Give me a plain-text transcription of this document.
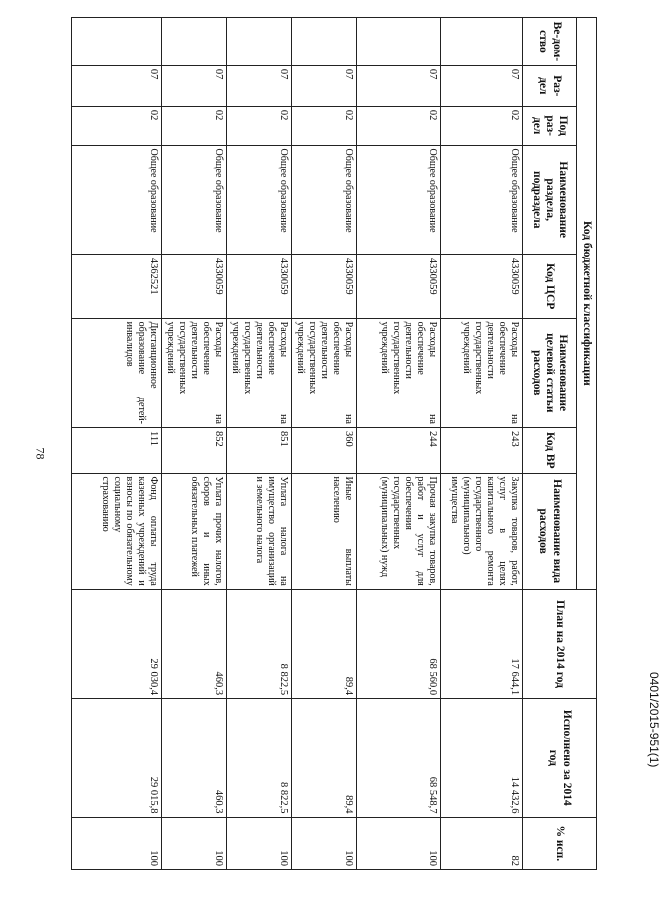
78
0401/2015-951(1)
Код бюджетной классификации								План на 2014 год	Исполнено за 2014 год	% исп.
Ве-дом-ство	Раз-дел	Под раз-дел	Наименование раздела, подраздела	Код ЦСР	Наименование целевой статьи расходов	Код ВР	Наименование вида расходов			
	07	02	Общее образование	4330059	Расходы на обеспечение деятельности государственных учреждений	243	Закупка товаров, работ, услуг в целях капитального ремонта государственного (муниципального) имущества	17 644,1	14 432,6	82
	07	02	Общее образование	4330059	Расходы на обеспечение деятельности государственных учреждений	244	Прочая закупка товаров, работ и услуг для обеспечения государственных (муниципальных) нужд	68 560,0	68 548,7	100
	07	02	Общее образование	4330059	Расходы на обеспечение деятельности государственных учреждений	360	Иные выплаты населению	89,4	89,4	100
	07	02	Общее образование	4330059	Расходы на обеспечение деятельности государственных учреждений	851	Уплата налога на имущество организаций и земельного налога	8 822,5	8 822,5	100
	07	02	Общее образование	4330059	Расходы на обеспечение деятельности государственных учреждений	852	Уплата прочих налогов, сборов и иных обязательных платежей	460,3	460,3	100
	07	02	Общее образование	4362521	Дистанционное образование детей-инвалидов	111	Фонд оплаты труда казенных учреждений и взносы по обязательному социальному страхованию	29 030,4	29 015,8	100
